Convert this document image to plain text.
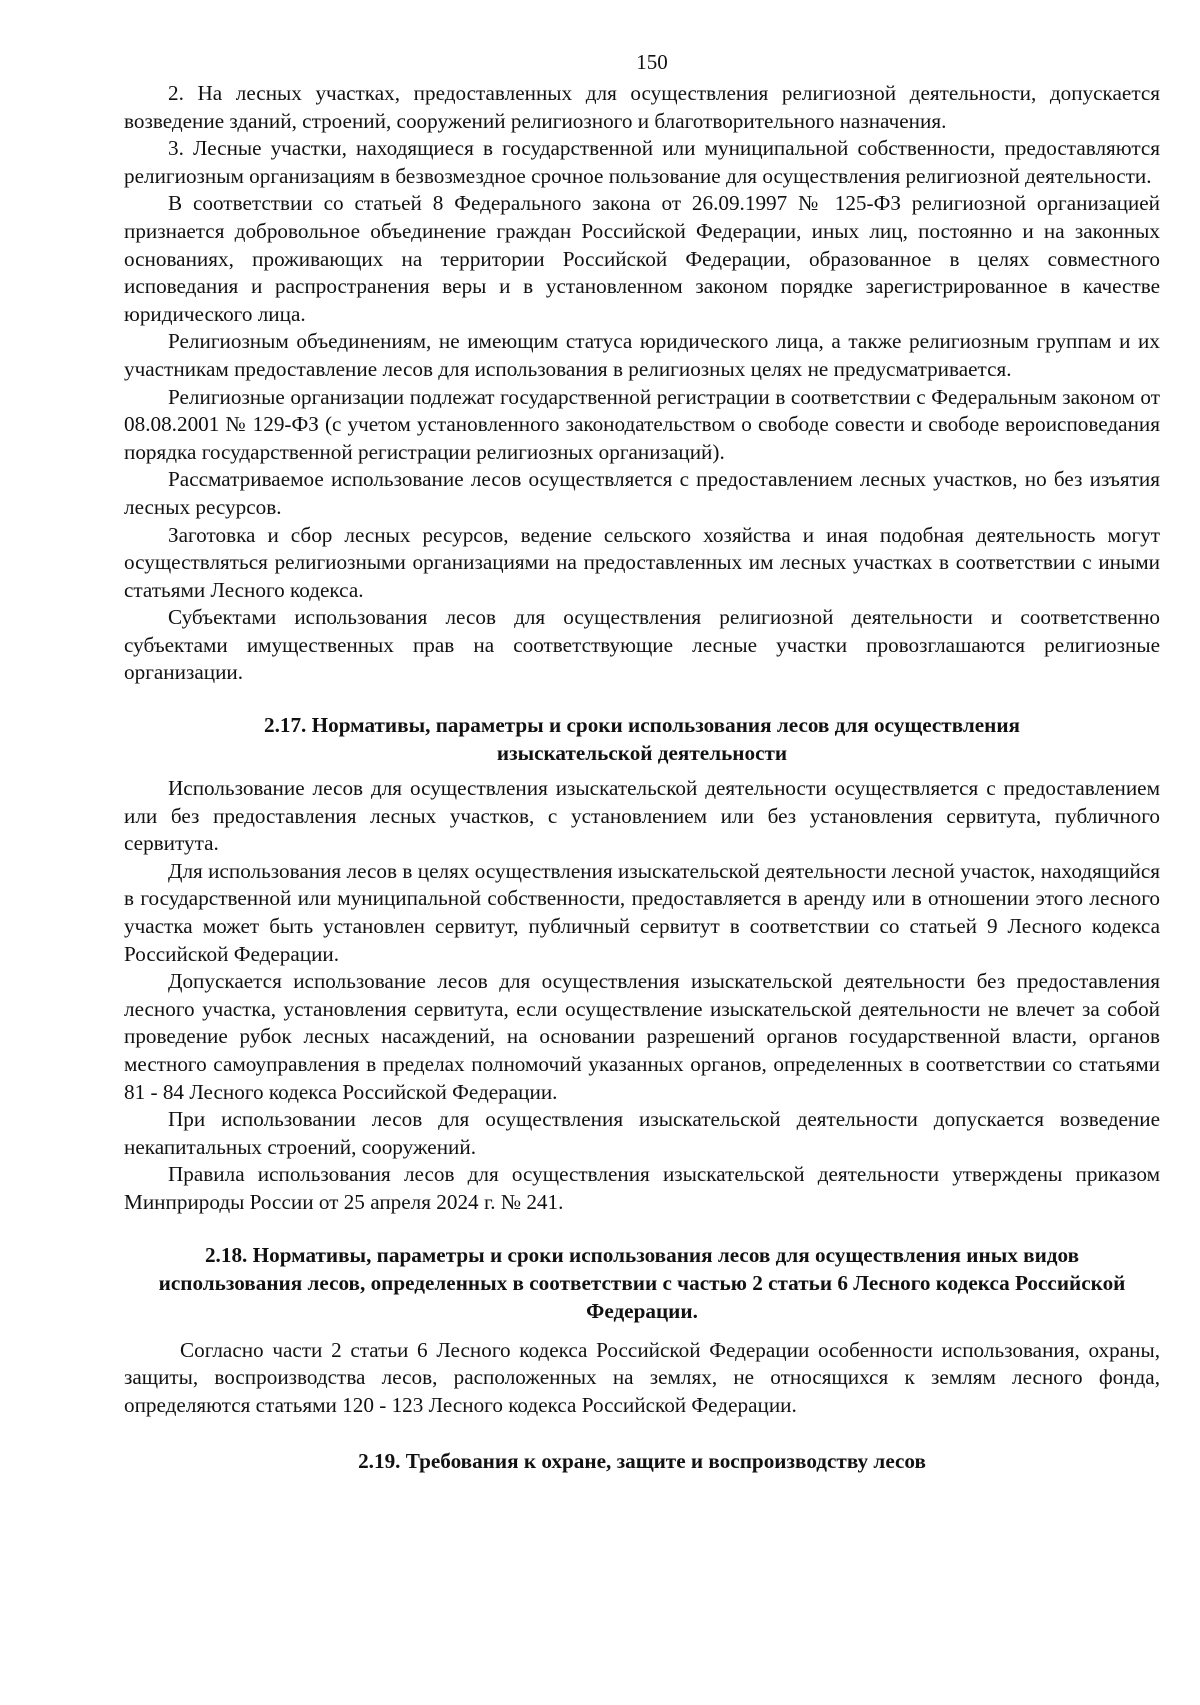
150

2. На лесных участках, предоставленных для осуществления религиозной деятельности, допускается возведение зданий, строений, сооружений религиозного и благотворительного назначения.

3. Лесные участки, находящиеся в государственной или муниципальной собственности, предоставляются религиозным организациям в безвозмездное срочное пользование для осуществления религиозной деятельности.

В соответствии со статьей 8 Федерального закона от 26.09.1997 № 125-ФЗ религиозной организацией признается добровольное объединение граждан Российской Федерации, иных лиц, постоянно и на законных основаниях, проживающих на территории Российской Федерации, образованное в целях совместного исповедания и распространения веры и в установленном законом порядке зарегистрированное в качестве юридического лица.

Религиозным объединениям, не имеющим статуса юридического лица, а также религиозным группам и их участникам предоставление лесов для использования в религиозных целях не предусматривается.

Религиозные организации подлежат государственной регистрации в соответствии с Федеральным законом от 08.08.2001 № 129-ФЗ (с учетом установленного законодательством о свободе совести и свободе вероисповедания порядка государственной регистрации религиозных организаций).

Рассматриваемое использование лесов осуществляется с предоставлением лесных участков, но без изъятия лесных ресурсов.

Заготовка и сбор лесных ресурсов, ведение сельского хозяйства и иная подобная деятельность могут осуществляться религиозными организациями на предоставленных им лесных участках в соответствии с иными статьями Лесного кодекса.

Субъектами использования лесов для осуществления религиозной деятельности и соответственно субъектами имущественных прав на соответствующие лесные участки провозглашаются религиозные организации.

2.17. Нормативы, параметры и сроки использования лесов для осуществления изыскательской деятельности

Использование лесов для осуществления изыскательской деятельности осуществляется с предоставлением или без предоставления лесных участков, с установлением или без установления сервитута, публичного сервитута.

Для использования лесов в целях осуществления изыскательской деятельности лесной участок, находящийся в государственной или муниципальной собственности, предоставляется в аренду или в отношении этого лесного участка может быть установлен сервитут, публичный сервитут в соответствии со статьей 9 Лесного кодекса Российской Федерации.

Допускается использование лесов для осуществления изыскательской деятельности без предоставления лесного участка, установления сервитута, если осуществление изыскательской деятельности не влечет за собой проведение рубок лесных насаждений, на основании разрешений органов государственной власти, органов местного самоуправления в пределах полномочий указанных органов, определенных в соответствии со статьями 81 - 84 Лесного кодекса Российской Федерации.

При использовании лесов для осуществления изыскательской деятельности допускается возведение некапитальных строений, сооружений.

Правила использования лесов для осуществления изыскательской деятельности утверждены приказом Минприроды России от 25 апреля 2024 г. № 241.

2.18. Нормативы, параметры и сроки использования лесов для осуществления иных видов использования лесов, определенных в соответствии с частью 2 статьи 6 Лесного кодекса Российской Федерации.

Согласно части 2 статьи 6 Лесного кодекса Российской Федерации особенности использования, охраны, защиты, воспроизводства лесов, расположенных на землях, не относящихся к землям лесного фонда, определяются статьями 120 - 123 Лесного кодекса Российской Федерации.

2.19. Требования к охране, защите и воспроизводству лесов
